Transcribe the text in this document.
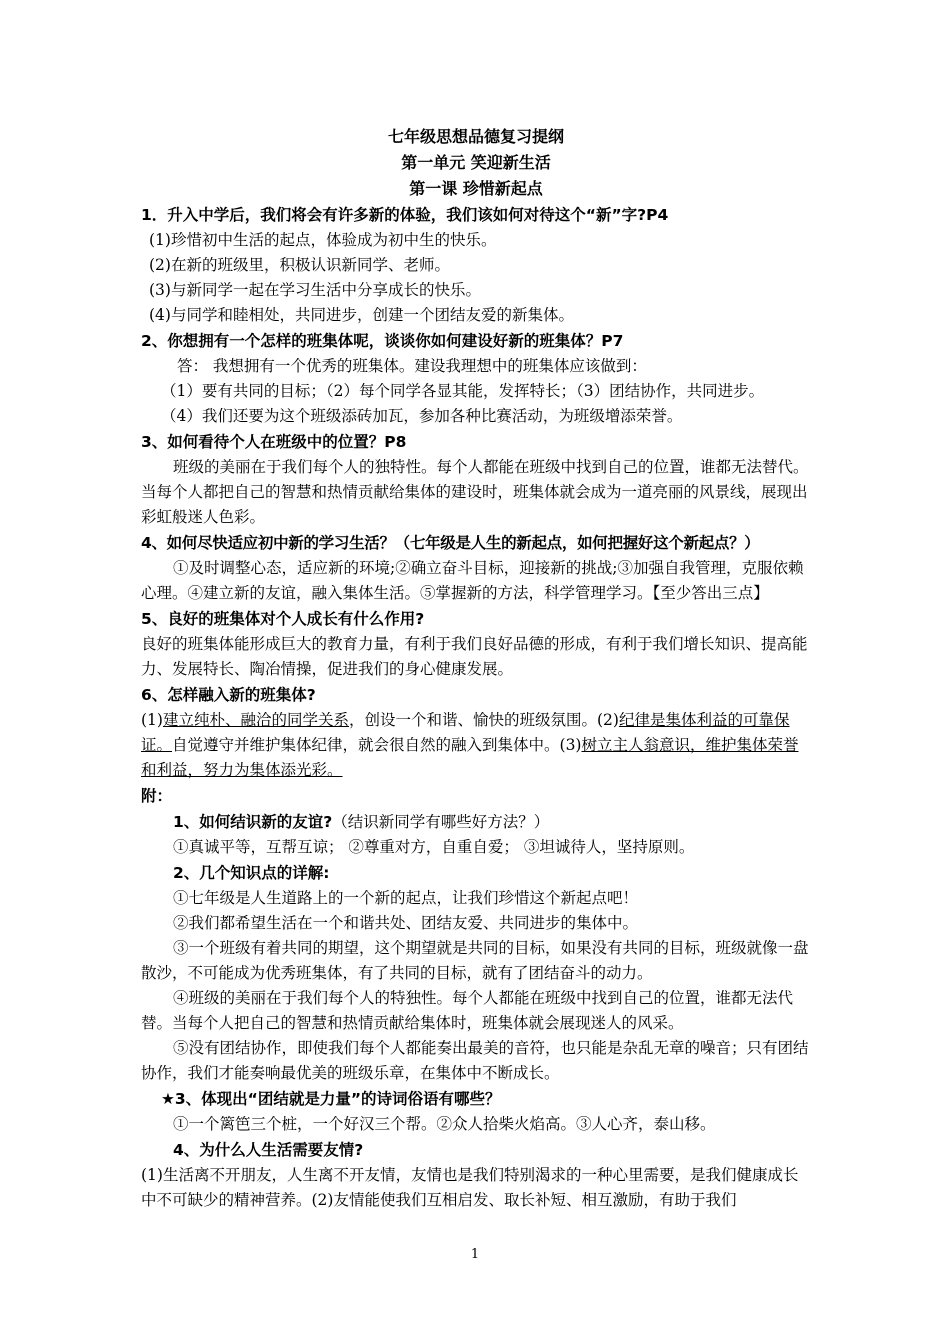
七年级思想品德复习提纲
第一单元 笑迎新生活
第一课 珍惜新起点
1．升入中学后，我们将会有许多新的体验，我们该如何对待这个“新”字?P4
(1)珍惜初中生活的起点，体验成为初中生的快乐。
(2)在新的班级里，积极认识新同学、老师。
(3)与新同学一起在学习生活中分享成长的快乐。
(4)与同学和睦相处，共同进步，创建一个团结友爱的新集体。
2、你想拥有一个怎样的班集体呢，谈谈你如何建设好新的班集体？P7
答： 我想拥有一个优秀的班集体。建设我理想中的班集体应该做到：
（1）要有共同的目标；（2）每个同学各显其能，发挥特长；（3）团结协作，共同进步。
（4）我们还要为这个班级添砖加瓦，参加各种比赛活动，为班级增添荣誉。
3、如何看待个人在班级中的位置？P8
班级的美丽在于我们每个人的独特性。每个人都能在班级中找到自己的位置，谁都无法替代。当每个人都把自己的智慧和热情贡献给集体的建设时，班集体就会成为一道亮丽的风景线，展现出彩虹般迷人色彩。
4、如何尽快适应初中新的学习生活？（七年级是人生的新起点，如何把握好这个新起点？）
①及时调整心态，适应新的环境;②确立奋斗目标，迎接新的挑战;③加强自我管理，克服依赖心理。④建立新的友谊，融入集体生活。⑤掌握新的方法，科学管理学习。【至少答出三点】
5、良好的班集体对个人成长有什么作用?
良好的班集体能形成巨大的教育力量，有利于我们良好品德的形成，有利于我们增长知识、提高能力、发展特长、陶冶情操，促进我们的身心健康发展。
6、怎样融入新的班集体?
(1)建立纯朴、融洽的同学关系，创设一个和谐、愉快的班级氛围。(2)纪律是集体利益的可靠保证。自觉遵守并维护集体纪律，就会很自然的融入到集体中。(3)树立主人翁意识，维护集体荣誉和利益，努力为集体添光彩。
附：
1、如何结识新的友谊?（结识新同学有哪些好方法？）
①真诚平等，互帮互谅； ②尊重对方，自重自爱； ③坦诚待人，坚持原则。
2、几个知识点的详解:
①七年级是人生道路上的一个新的起点，让我们珍惜这个新起点吧！
②我们都希望生活在一个和谐共处、团结友爱、共同进步的集体中。
③一个班级有着共同的期望，这个期望就是共同的目标，如果没有共同的目标，班级就像一盘散沙，不可能成为优秀班集体，有了共同的目标，就有了团结奋斗的动力。
④班级的美丽在于我们每个人的特独性。每个人都能在班级中找到自己的位置，谁都无法代替。当每个人把自己的智慧和热情贡献给集体时，班集体就会展现迷人的风采。
⑤没有团结协作，即使我们每个人都能奏出最美的音符，也只能是杂乱无章的噪音；只有团结协作，我们才能奏响最优美的班级乐章，在集体中不断成长。
★3、体现出“团结就是力量”的诗词俗语有哪些？
①一个篱笆三个桩，一个好汉三个帮。②众人拾柴火焰高。③人心齐，泰山移。
4、为什么人生活需要友情?
(1)生活离不开朋友，人生离不开友情，友情也是我们特别渴求的一种心里需要，是我们健康成长中不可缺少的精神营养。(2)友情能使我们互相启发、取长补短、相互激励，有助于我们
1
